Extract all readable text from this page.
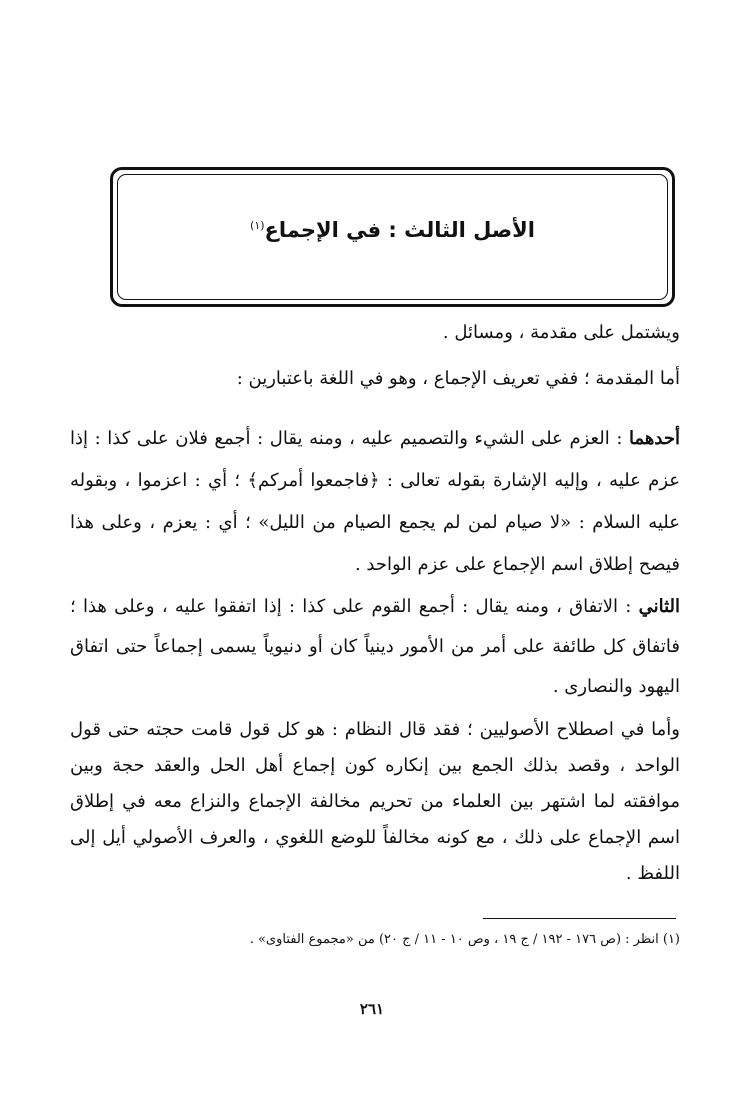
الأصل الثالث : في الإجماع$^{(١)}$
ويشتمل على مقدمة ، ومسائل .
أما المقدمة ؛ ففي تعريف الإجماع ، وهو في اللغة باعتبارين :
أحدهما : العزم على الشيء والتصميم عليه ، ومنه يقال : أجمع فلان على كذا : إذا عزم عليه ، وإليه الإشارة بقوله تعالى : ﴿فاجمعوا أمركم﴾ ؛ أي : اعزموا ، وبقوله عليه السلام : «لا صيام لمن لم يجمع الصيام من الليل» ؛ أي : يعزم ، وعلى هذا فيصح إطلاق اسم الإجماع على عزم الواحد .
الثاني : الاتفاق ، ومنه يقال : أجمع القوم على كذا : إذا اتفقوا عليه ، وعلى هذا ؛ فاتفاق كل طائفة على أمر من الأمور دينياً كان أو دنيوياً يسمى إجماعاً حتى اتفاق اليهود والنصارى .
وأما في اصطلاح الأصوليين ؛ فقد قال النظام : هو كل قول قامت حجته حتى قول الواحد ، وقصد بذلك الجمع بين إنكاره كون إجماع أهل الحل والعقد حجة وبين موافقته لما اشتهر بين العلماء من تحريم مخالفة الإجماع والنزاع معه في إطلاق اسم الإجماع على ذلك ، مع كونه مخالفاً للوضع اللغوي ، والعرف الأصولي أيل إلى اللفظ .
(١) انظر : (ص ١٧٦ - ١٩٢ / ج ١٩ ، وص ١٠ - ١١ / ج ٢٠) من «مجموع الفتاوى» .
٢٦١
